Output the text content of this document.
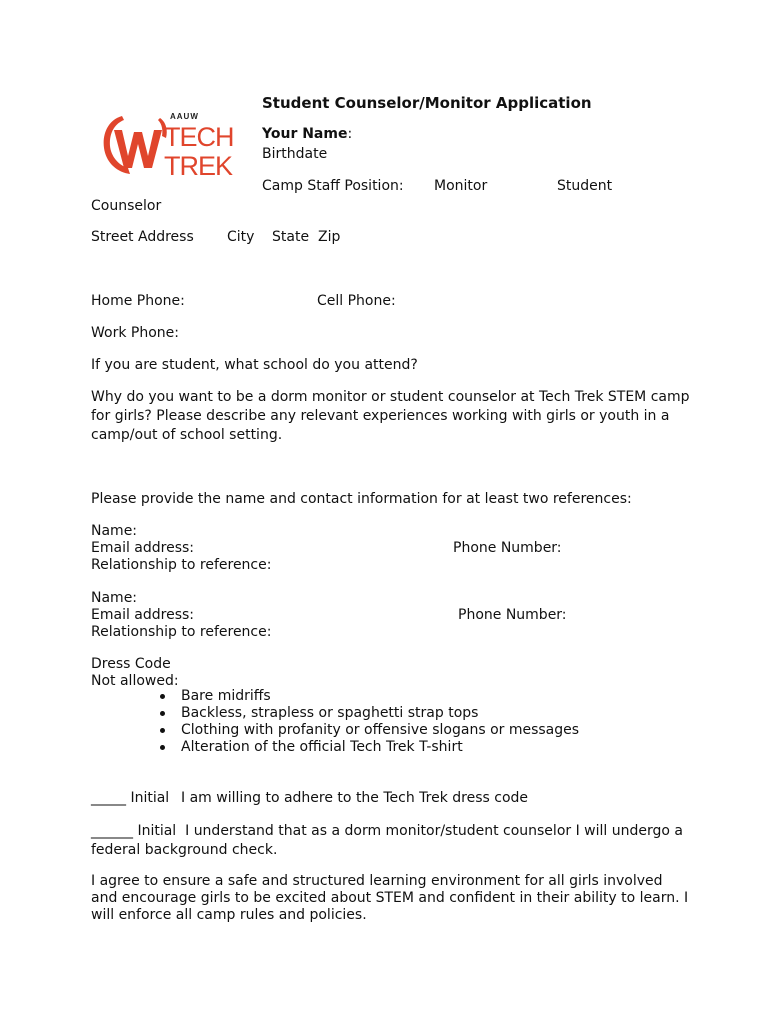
AAUW
TECH
TREK
Student Counselor/Monitor Application
Your Name:
Birthdate
Camp Staff Position:	Monitor	Student
Counselor
Street Address City State Zip
Home Phone:	Cell Phone:
Work Phone:
If you are student, what school do you attend?
Why do you want to be a dorm monitor or student counselor at Tech Trek STEM camp for girls? Please describe any relevant experiences working with girls or youth in a camp/out of school setting.
Please provide the name and contact information for at least two references:
Name:
Email address:	Phone Number:
Relationship to reference:
Name:
Email address:	Phone Number:
Relationship to reference:
Dress Code
Not allowed:
Bare midriffs
Backless, strapless or spaghetti strap tops
Clothing with profanity or offensive slogans or messages
Alteration of the official Tech Trek T-shirt
_____ Initial I am willing to adhere to the Tech Trek dress code
______ Initial I understand that as a dorm monitor/student counselor I will undergo a federal background check.
I agree to ensure a safe and structured learning environment for all girls involved and encourage girls to be excited about STEM and confident in their ability to learn. I will enforce all camp rules and policies.
